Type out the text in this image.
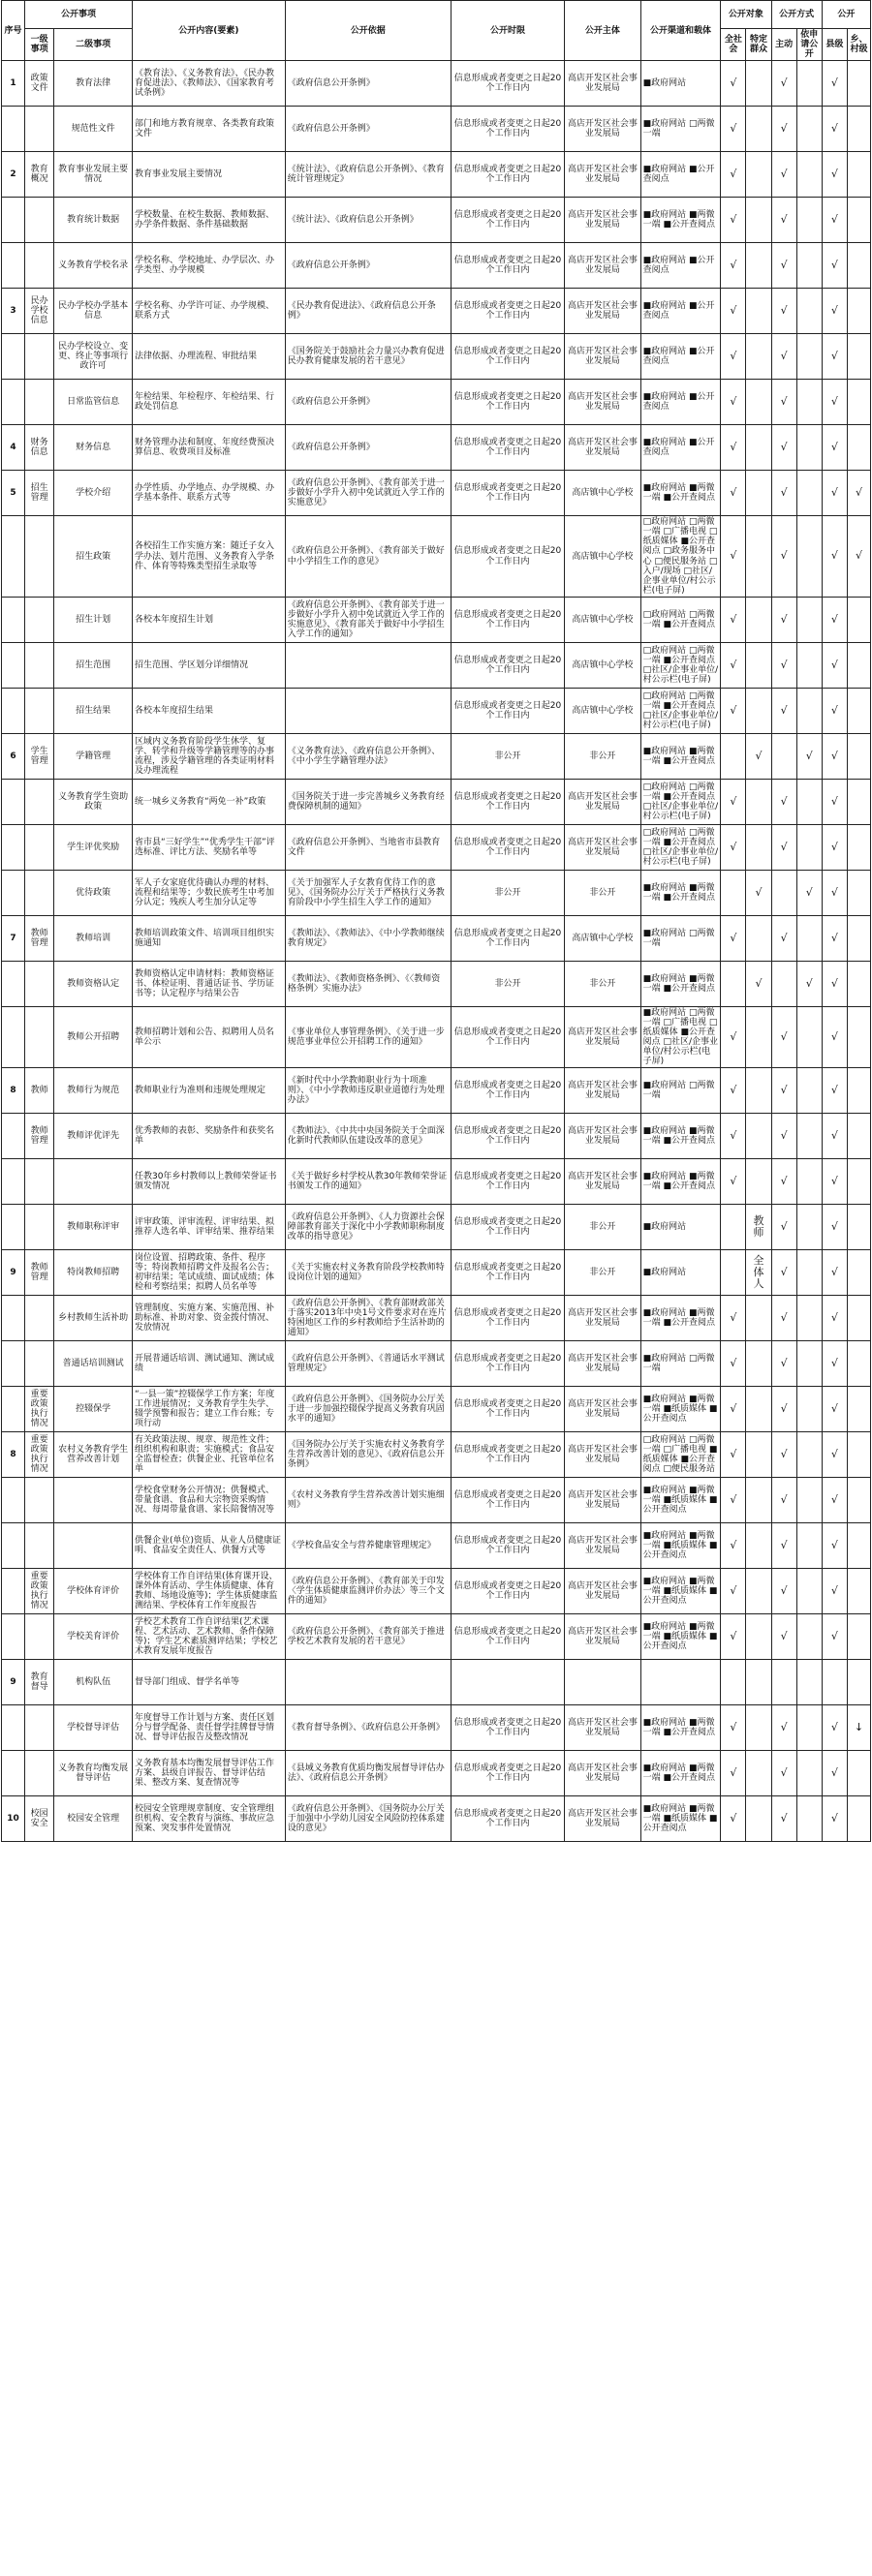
序号	公开事项		公开内容(要素)	公开依据	公开时限	公开主体	公开渠道和载体	公开对象		公开方式		公开	
	一级事项	二级事项						全社会	特定群众	主动	依申请公开	县级	乡、村级
1	政策文件	教育法律	《教育法》、《义务教育法》、《民办教育促进法》、《教师法》、《国家教育考试条例》	《政府信息公开条例》	信息形成或者变更之日起20个工作日内	高店开发区社会事业发展局	■政府网站	√		√		√	
		规范性文件	部门和地方教育规章、各类教育政策文件	《政府信息公开条例》	信息形成或者变更之日起20个工作日内	高店开发区社会事业发展局	■政府网站 □两微一端	√		√		√	
2	教育概况	教育事业发展主要情况	教育事业发展主要情况	《统计法》、《政府信息公开条例》、《教育统计管理规定》	信息形成或者变更之日起20个工作日内	高店开发区社会事业发展局	■政府网站 ■公开查阅点	√		√		√	
		教育统计数据	学校数量、在校生数据、教师数据、办学条件数据、条件基础数据	《统计法》、《政府信息公开条例》	信息形成或者变更之日起20个工作日内	高店开发区社会事业发展局	■政府网站 ■两微一端 ■公开查阅点	√		√		√	
		义务教育学校名录	学校名称、学校地址、办学层次、办学类型、办学规模	《政府信息公开条例》	信息形成或者变更之日起20个工作日内	高店开发区社会事业发展局	■政府网站 ■公开查阅点	√		√		√	
3	民办学校信息	民办学校办学基本信息	学校名称、办学许可证、办学规模、联系方式	《民办教育促进法》、《政府信息公开条例》	信息形成或者变更之日起20个工作日内	高店开发区社会事业发展局	■政府网站 ■公开查阅点	√		√		√	
		民办学校设立、变更、终止等事项行政许可	法律依据、办理流程、审批结果	《国务院关于鼓励社会力量兴办教育促进民办教育健康发展的若干意见》	信息形成或者变更之日起20个工作日内	高店开发区社会事业发展局	■政府网站 ■公开查阅点	√		√		√	
		日常监管信息	年检结果、年检程序、年检结果、行政处罚信息	《政府信息公开条例》	信息形成或者变更之日起20个工作日内	高店开发区社会事业发展局	■政府网站 ■公开查阅点	√		√		√	
4	财务信息	财务信息	财务管理办法和制度、年度经费预决算信息、收费项目及标准	《政府信息公开条例》	信息形成或者变更之日起20个工作日内	高店开发区社会事业发展局	■政府网站 ■公开查阅点	√		√		√	
5	招生管理	学校介绍	办学性质、办学地点、办学规模、办学基本条件、联系方式等	《政府信息公开条例》、《教育部关于进一步做好小学升入初中免试就近入学工作的实施意见》	信息形成或者变更之日起20个工作日内	高店镇中心学校	■政府网站 ■两微一端 ■公开查阅点	√		√		√	√
		招生政策	各校招生工作实施方案：随迁子女入学办法、划片范围、义务教育入学条件、体育等特殊类型招生录取等	《政府信息公开条例》、《教育部关于做好中小学招生工作的意见》	信息形成或者变更之日起20个工作日内	高店镇中心学校	□政府网站 □两微一端 □广播电视 □纸质媒体 ■公开查阅点 □政务服务中心 □便民服务站 □入户/现场 □社区/企事业单位/村公示栏(电子屏)	√		√		√	√
		招生计划	各校本年度招生计划	《政府信息公开条例》、《教育部关于进一步做好小学升入初中免试就近入学工作的实施意见》、《教育部关于做好中小学招生入学工作的通知》	信息形成或者变更之日起20个工作日内	高店镇中心学校	□政府网站 □两微一端 ■公开查阅点	√		√		√	
		招生范围	招生范围、学区划分详细情况		信息形成或者变更之日起20个工作日内	高店镇中心学校	□政府网站 □两微一端 ■公开查阅点 □社区/企事业单位/村公示栏(电子屏)	√		√		√	
		招生结果	各校本年度招生结果		信息形成或者变更之日起20个工作日内	高店镇中心学校	□政府网站 □两微一端 ■公开查阅点 □社区/企事业单位/村公示栏(电子屏)	√		√		√	
6	学生管理	学籍管理	区域内义务教育阶段学生休学、复学、转学和升级等学籍管理等的办事流程，涉及学籍管理的各类证明材料及办理流程	《义务教育法》、《政府信息公开条例》、《中小学生学籍管理办法》	非公开	非公开	■政府网站 ■两微一端 ■公开查阅点		√		√	√	
		义务教育学生资助政策	统一城乡义务教育“两免一补”政策	《国务院关于进一步完善城乡义务教育经费保障机制的通知》	信息形成或者变更之日起20个工作日内	高店开发区社会事业发展局	□政府网站 □两微一端 ■公开查阅点 □社区/企事业单位/村公示栏(电子屏)	√		√		√	
		学生评优奖励	省市县“三好学生”“优秀学生干部”评选标准、评比方法、奖励名单等	《政府信息公开条例》、当地省市县教育文件	信息形成或者变更之日起20个工作日内	高店开发区社会事业发展局	□政府网站 □两微一端 ■公开查阅点 □社区/企事业单位/村公示栏(电子屏)	√		√		√	
		优待政策	军人子女家庭优待确认办理的材料、流程和结果等；少数民族考生中考加分认定；残疾人考生加分认定等	《关于加强军人子女教育优待工作的意见》、《国务院办公厅关于严格执行义务教育阶段中小学生招生入学工作的通知》	非公开	非公开	■政府网站 ■两微一端 ■公开查阅点		√		√	√	
7	教师管理	教师培训	教师培训政策文件、培训项目组织实施通知	《教师法》、《教师法》、《中小学教师继续教育规定》	信息形成或者变更之日起20个工作日内	高店镇中心学校	■政府网站 □两微一端	√		√		√	
		教师资格认定	教师资格认定申请材料：教师资格证书、体检证明、普通话证书、学历证书等；认定程序与结果公告	《教师法》、《教师资格条例》、《〈教师资格条例〉实施办法》	非公开	非公开	■政府网站 ■两微一端 ■公开查阅点		√		√	√	
		教师公开招聘	教师招聘计划和公告、拟聘用人员名单公示	《事业单位人事管理条例》、《关于进一步规范事业单位公开招聘工作的通知》	信息形成或者变更之日起20个工作日内	高店开发区社会事业发展局	■政府网站 □两微一端 □广播电视 □纸质媒体 ■公开查阅点 □社区/企事业单位/村公示栏(电子屏)	√		√		√	
8	教师	教师行为规范	教师职业行为准则和违规处理规定	《新时代中小学教师职业行为十项准则》、《中小学教师违反职业道德行为处理办法》	信息形成或者变更之日起20个工作日内	高店开发区社会事业发展局	■政府网站 □两微一端	√		√		√	
	教师管理	教师评优评先	优秀教师的表彰、奖励条件和获奖名单	《教师法》、《中共中央国务院关于全面深化新时代教师队伍建设改革的意见》	信息形成或者变更之日起20个工作日内	高店开发区社会事业发展局	■政府网站 ■两微一端 ■公开查阅点	√		√		√	
			任教30年乡村教师以上教师荣誉证书颁发情况	《关于做好乡村学校从教30年教师荣誉证书颁发工作的通知》	信息形成或者变更之日起20个工作日内	高店开发区社会事业发展局	■政府网站 ■两微一端 ■公开查阅点	√		√		√	
		教师职称评审	评审政策、评审流程、评审结果、拟推荐人选名单、评审结果、推荐结果	《政府信息公开条例》、《人力资源社会保障部教育部关于深化中小学教师职称制度改革的指导意见》	信息形成或者变更之日起20个工作日内	非公开	■政府网站		教师	√		√	
9	教师管理	特岗教师招聘	岗位设置、招聘政策、条件、程序等；特岗教师招聘文件及报名公告；初审结果；笔试成绩、面试成绩；体检和考察结果；拟聘人员名单等	《关于实施农村义务教育阶段学校教师特设岗位计划的通知》	信息形成或者变更之日起20个工作日内	非公开	■政府网站		全体人	√		√	
		乡村教师生活补助	管理制度、实施方案、实施范围、补助标准、补助对象、资金拨付情况、发放情况	《政府信息公开条例》、《教育部财政部关于落实2013年中央1号文件要求对在连片特困地区工作的乡村教师给予生活补助的通知》	信息形成或者变更之日起20个工作日内	高店开发区社会事业发展局	■政府网站 ■两微一端 ■公开查阅点	√		√		√	
		普通话培训测试	开展普通话培训、测试通知、测试成绩	《政府信息公开条例》、《普通话水平测试管理规定》	信息形成或者变更之日起20个工作日内	高店开发区社会事业发展局	■政府网站 □两微一端	√		√		√	
	重要政策执行情况	控辍保学	“一县一策”控辍保学工作方案；年度工作进展情况；义务教育学生失学、辍学预警和报告；建立工作台账；专项行动	《政府信息公开条例》、《国务院办公厅关于进一步加强控辍保学提高义务教育巩固水平的通知》	信息形成或者变更之日起20个工作日内	高店开发区社会事业发展局	■政府网站 ■两微一端 ■纸质媒体 ■公开查阅点	√		√		√	
8	重要政策执行情况	农村义务教育学生营养改善计划	有关政策法规、规章、规范性文件；组织机构和职责；实施模式；食品安全监督检查；供餐企业、托管单位名单	《国务院办公厅关于实施农村义务教育学生营养改善计划的意见》、《政府信息公开条例》	信息形成或者变更之日起20个工作日内	高店开发区社会事业发展局	□政府网站 □两微一端 □广播电视 ■纸质媒体 ■公开查阅点 □便民服务站	√		√		√	
			学校食堂财务公开情况；供餐模式、带量食谱、食品和大宗物资采购情况、每周带量食谱、家长陪餐情况等	《农村义务教育学生营养改善计划实施细则》	信息形成或者变更之日起20个工作日内	高店开发区社会事业发展局	■政府网站 ■两微一端 ■纸质媒体 ■公开查阅点	√		√		√	
			供餐企业(单位)资质、从业人员健康证明、食品安全责任人、供餐方式等	《学校食品安全与营养健康管理规定》	信息形成或者变更之日起20个工作日内	高店开发区社会事业发展局	■政府网站 ■两微一端 ■纸质媒体 ■公开查阅点	√		√		√	
	重要政策执行情况	学校体育评价	学校体育工作自评结果(体育课开设、课外体育活动、学生体质健康、体育教师、场地设施等)；学生体质健康监测结果、学校体育工作年度报告	《政府信息公开条例》、《教育部关于印发〈学生体质健康监测评价办法〉等三个文件的通知》	信息形成或者变更之日起20个工作日内	高店开发区社会事业发展局	■政府网站 ■两微一端 ■纸质媒体 ■公开查阅点	√		√		√	
		学校美育评价	学校艺术教育工作自评结果(艺术课程、艺术活动、艺术教师、条件保障等)；学生艺术素质测评结果；学校艺术教育发展年度报告	《政府信息公开条例》、《教育部关于推进学校艺术教育发展的若干意见》	信息形成或者变更之日起20个工作日内	高店开发区社会事业发展局	■政府网站 ■两微一端 ■纸质媒体 ■公开查阅点	√		√		√	
9	教育督导	机构队伍	督导部门组成、督学名单等										
		学校督导评估	年度督导工作计划与方案、责任区划分与督学配备、责任督学挂牌督导情况、督导评估报告及整改情况	《教育督导条例》、《政府信息公开条例》	信息形成或者变更之日起20个工作日内	高店开发区社会事业发展局	■政府网站 ■两微一端 ■公开查阅点	√		√		√	↓
		义务教育均衡发展督导评估	义务教育基本均衡发展督导评估工作方案、县级自评报告、督导评估结果、整改方案、复查情况等	《县域义务教育优质均衡发展督导评估办法》、《政府信息公开条例》	信息形成或者变更之日起20个工作日内	高店开发区社会事业发展局	■政府网站 ■两微一端 ■公开查阅点	√		√		√	
10	校园安全	校园安全管理	校园安全管理规章制度、安全管理组织机构、安全教育与演练、事故应急预案、突发事件处置情况	《政府信息公开条例》、《国务院办公厅关于加强中小学幼儿园安全风险防控体系建设的意见》	信息形成或者变更之日起20个工作日内	高店开发区社会事业发展局	■政府网站 ■两微一端 ■纸质媒体 ■公开查阅点	√		√		√	
